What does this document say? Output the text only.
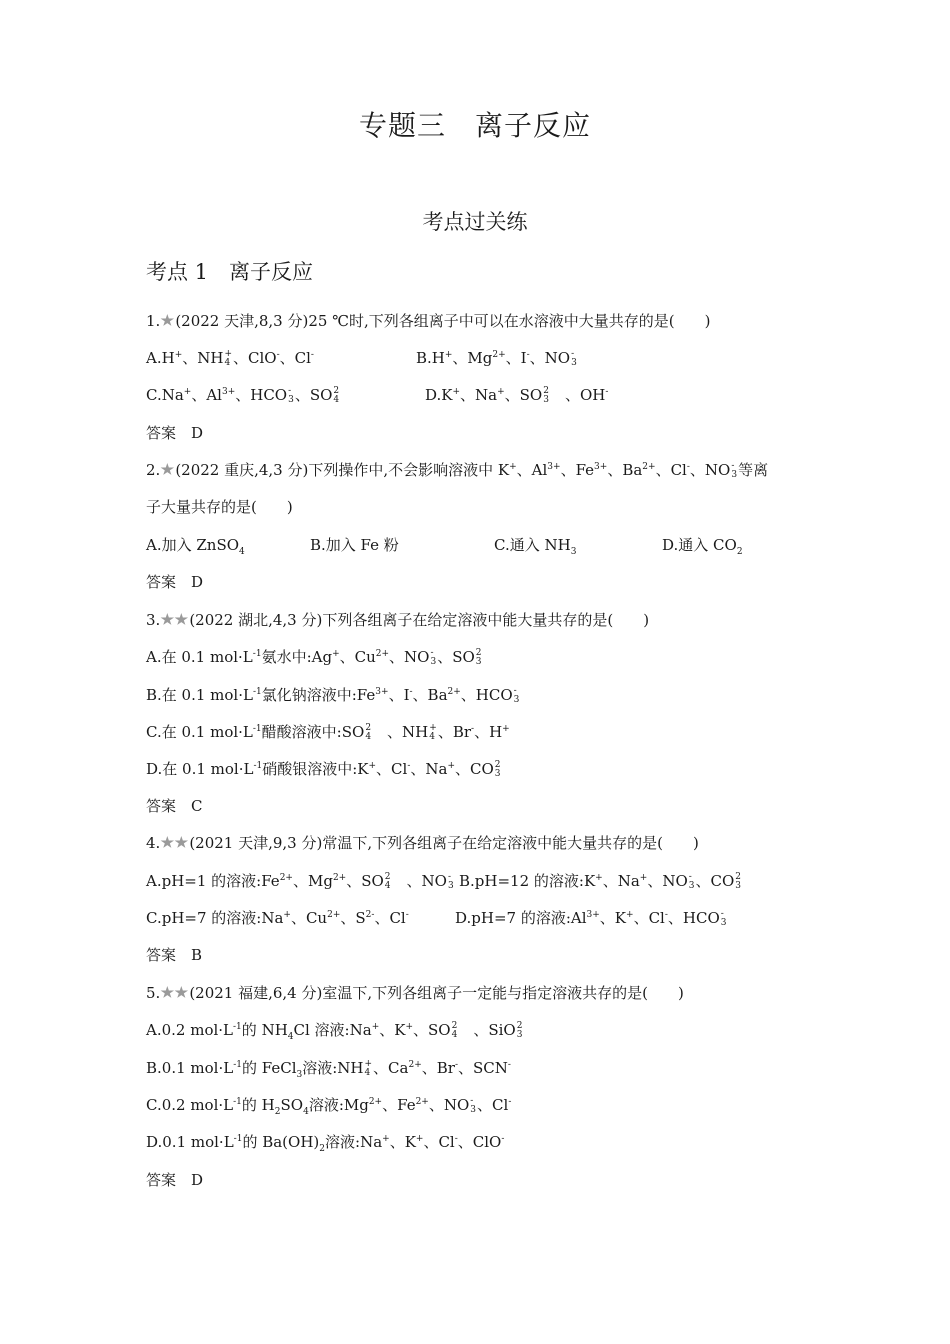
专题三　离子反应
考点过关练
考点 1　离子反应
1. (2022 天津,8,3 分)25 ℃时,下列各组离子中可以在水溶液中大量共存的是(　　)
A.H+、NH +
4 、ClO-、Cl-	B.H+、$Mg^{2+}$、I-、NO -
3
C.Na+、$Al^{3+}$、HCO -
3 、SO 2
4	D.K+、Na+、SO 2
3 　、OH-
答案　D
2. (2022 重庆,4,3 分)下列操作中,不会影响溶液中 K+、$Al^{3+}$、$Fe^{3+}$、$Ba^{2+}$、Cl-、NO -
3 等离
子大量共存的是(　　)
A.加入 ZnSO$_4$	B.加入 Fe 粉	C.通入 $NH_3$	D.通入 $CO_2$
答案　D
3. (2022 湖北,4,3 分)下列各组离子在给定溶液中能大量共存的是(　　)
A.在 0.1 $mol\cdot L^{-1}$氨水中:Ag+、$Cu^{2+}$、NO -
3 、SO 2
3
B.在 0.1 $mol\cdot L^{-1}$氯化钠溶液中$:Fe^{3+}$、I-、$Ba^{2+}$、HCO -
3
C.在 0.1 $mol\cdot L^{-1}$醋酸溶液中:SO 2
4 　、NH +
4 、Br-、H+
D.在 0.1 $mol\cdot L^{-1}$硝酸银溶液中:K+、Cl-、Na+、CO 2
3
答案　C
4. (2021 天津,9,3 分)常温下,下列各组离子在给定溶液中能大量共存的是(　　)
A.pH=1 的溶液$:Fe^{2+}$、$Mg^{2+}$、SO 2
4 　、NO -
3 B.pH=12 的溶液:K+、Na+、NO -
3 、CO 2
3
C.pH=7 的溶液:Na+、$Cu^{2+}$、$S^{2-}$、Cl-	D.pH=7 的溶液$:Al^{3+}$、K+、Cl-、HCO -
3
答案　B
5. (2021 福建,6,4 分)室温下,下列各组离子一定能与指定溶液共存的是(　　)
A.0.2 $mol\cdot L^{-1}$的 $NH_4Cl$ 溶液:Na+、K+、SO 2
4 　、SiO 2
3
B.0.1 $mol\cdot L^{-1}$的 FeCl$_3$溶液:NH +
4 、$Ca^{2+}$、Br-、SCN-
C.0.2 $mol\cdot L^{-1}$的 $H_2SO_4$溶液$:Mg^{2+}$、$Fe^{2+}$、NO -
3 、Cl-
D.0.1 $mol\cdot L^{-1}$的 $Ba(OH)_2$溶液:Na+、K+、Cl-、ClO-
答案　D
